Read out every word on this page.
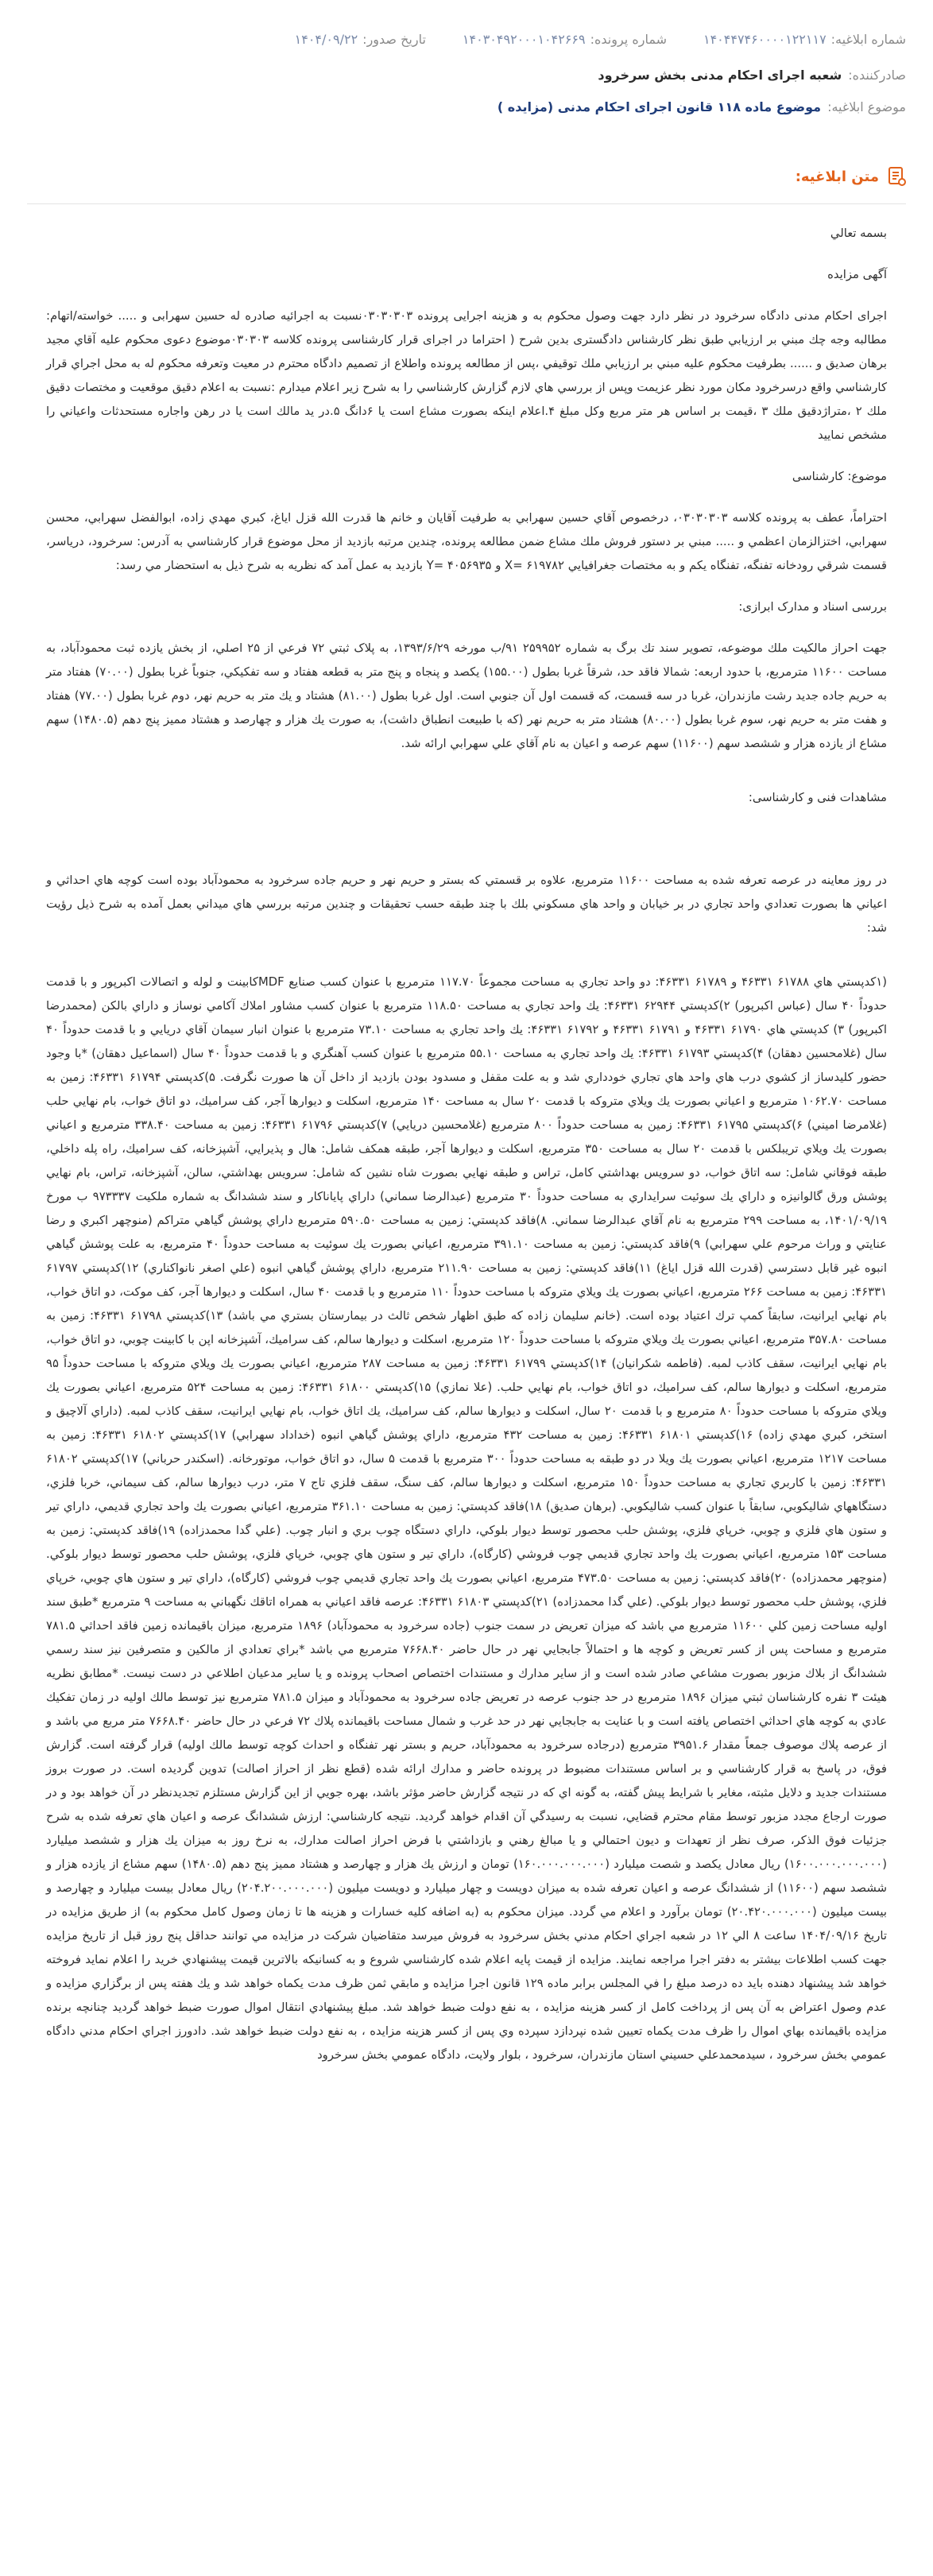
شماره ابلاغیه:
۱۴۰۴۴۷۴۶۰۰۰۰۱۲۲۱۱۷
شماره پرونده:
۱۴۰۳۰۴۹۲۰۰۰۱۰۴۲۶۶۹
تاریخ صدور:
۱۴۰۴/۰۹/۲۲
صادرکننده:
شعبه اجرای احکام مدنی بخش سرخرود
موضوع ابلاغیه:
موضوع ماده ۱۱۸ قانون اجرای احکام مدنی (مزایده )
متن ابلاغیه:

بسمه تعالي

آگهی مزایده

اجرای احکام مدنی دادگاه سرخرود در نظر دارد جهت وصول محکوم به و هزینه اجرایی پرونده ۰۳۰۳۰۳۰۳نسبت به اجرائیه صادره له حسین سهرابی و ..... خواسته/اتهام: مطالبه وجه چك مبني بر ارزيابي طبق نظر کارشناس دادگستری بدین شرح ( احتراما در اجرای قرار کارشناسی پرونده کلاسه ۰۳۰۳۰۳موضوع دعوی محکوم علیه آقاي مجيد برهان صديق و ...... بطرفيت محکوم عليه مبني بر ارزيابي ملك توقيفي ،پس از مطالعه پرونده واطلاع از تصمیم دادگاه محترم در معیت وتعرفه محکوم له به محل اجراي قرار کارشناسي واقع درسرخرود مکان مورد نظر عزيمت وپس از بررسي هاي لازم گزارش کارشناسي را به شرح زير اعلام ميدارم :نسبت به اعلام دقيق موقعيت و مختصات دقيق ملك ۲ ،متراژدقيق ملك ۳ ،قيمت بر اساس هر متر مربع وکل مبلغ ۴.اعلام اینکه بصورت مشاع است يا ۶دانگ ۵.در ید مالك است يا در رهن واجاره مستحدثات واعياني را مشخص نمایید

موضوع: کارشناسی

احتراماً، عطف به پرونده كلاسه ۰۳۰۳۰۳۰۳، درخصوص آقاي حسين سهرابي به طرفيت آقايان و خانم ها قدرت الله قزل اياغ، كبري مهدي زاده، ابوالفضل سهرابي، محسن سهرابي، اختزالزمان اعظمي و ..... مبني بر دستور فروش ملك مشاع ضمن مطالعه پرونده، چندين مرتبه بازديد از محل موضوع قرار كارشناسي به آدرس: سرخرود، درياسر، قسمت شرقي رودخانه تفنگه، تفنگاه يكم و به مختصات جغرافيايي ۶۱۹۷۸۲ =X و ۴۰۵۶۹۳۵ =Y بازديد به عمل آمد كه نظريه به شرح ذيل به استحضار مي رسد:

بررسی اسناد و مدارک ابرازی:

جهت احراز مالكيت ملك موضوعه، تصوير سند تك برگ به شماره ۲۵۹۹۵۲ ۹۱/ب مورخه ۱۳۹۳/۶/۲۹، به پلاک ثبتي ۷۲ فرعي از ۲۵ اصلي، از بخش يازده ثبت محمودآباد، به مساحت ۱۱۶۰۰ مترمربع، با حدود اربعه: شمالا فاقد حد، شرقاً غربا بطول (۱۵۵.۰۰) يكصد و پنجاه و پنج متر به قطعه هفتاد و سه تفكيكي، جنوباً غربا بطول (۷۰.۰۰) هفتاد متر به حريم جاده جديد رشت مازندران، غربا در سه قسمت، كه قسمت اول آن جنوبي است. اول غربا بطول (۸۱.۰۰) هشتاد و يك متر به حريم نهر، دوم غربا بطول (۷۷.۰۰) هفتاد و هفت متر به حريم نهر، سوم غربا بطول (۸۰.۰۰) هشتاد متر به حريم نهر (كه با طبيعت انطباق داشت)، به صورت يك هزار و چهارصد و هشتاد مميز پنج دهم (۱۴۸۰.۵) سهم مشاع از يازده هزار و ششصد سهم (۱۱۶۰۰) سهم عرصه و اعيان به نام آقاي علي سهرابي ارائه شد.

مشاهدات فنی و کارشناسی:

در روز معاينه در عرصه تعرفه شده به مساحت ۱۱۶۰۰ مترمربع، علاوه بر قسمتي كه بستر و حريم نهر و حريم جاده سرخرود به محمودآباد بوده است كوچه هاي احداثي و اعياني ها بصورت تعدادي واحد تجاري در بر خيابان و واحد هاي مسكوني بلك با چند طبقه حسب تحقيقات و چندين مرتبه بررسي هاي ميداني بعمل آمده به شرح ذيل رؤيت شد:

(۱كدپستي هاي ۶۱۷۸۸ ۴۶۳۳۱ و ۶۱۷۸۹ ۴۶۳۳۱: دو واحد تجاري به مساحت مجموعاً ۱۱۷.۷۰ مترمربع با عنوان كسب صنايع MDFكابينت و لوله و اتصالات اكبرپور و با قدمت حدوداً ۴۰ سال (عباس اكبرپور) ۲)كدپستي ۶۲۹۴۴ ۴۶۳۳۱: يك واحد تجاري به مساحت ۱۱۸.۵۰ مترمربع با عنوان كسب مشاور املاك آكامي نوساز و داراي بالكن (محمدرضا اكبرپور) ۳) كدپستي هاي ۶۱۷۹۰ ۴۶۳۳۱ و ۶۱۷۹۱ ۴۶۳۳۱ و ۶۱۷۹۲ ۴۶۳۳۱: يك واحد تجاري به مساحت ۷۳.۱۰ مترمربع با عنوان انبار سيمان آقاي دريايي و با قدمت حدوداً ۴۰ سال (غلامحسين دهقان) ۴)كدپستي ۶۱۷۹۳ ۴۶۳۳۱: يك واحد تجاري به مساحت ۵۵.۱۰ مترمربع با عنوان كسب آهنگري و با قدمت حدوداً ۴۰ سال (اسماعيل دهقان) *با وجود حضور كليدساز از كشوي درب هاي واحد هاي تجاري خودداري شد و به علت مقفل و مسدود بودن بازديد از داخل آن ها صورت نگرفت. ۵)كدپستي ۶۱۷۹۴ ۴۶۳۳۱: زمين به مساحت ۱۰۶۲.۷۰ مترمربع و اعياني بصورت يك ويلاي متروكه با قدمت ۲۰ سال به مساحت ۱۴۰ مترمربع، اسكلت و ديوارها آجر، كف سراميك، دو اتاق خواب، بام نهايي حلب (غلامرضا اميني) ۶)كدپستي ۶۱۷۹۵ ۴۶۳۳۱: زمين به مساحت حدوداً ۸۰۰ مترمربع (غلامحسين دريايي) ۷)كدپستي ۶۱۷۹۶ ۴۶۳۳۱: زمين به مساحت ۳۳۸.۴۰ مترمربع و اعياني بصورت يك ويلاي تريبلكس با قدمت ۲۰ سال به مساحت ۳۵۰ مترمربع، اسكلت و ديوارها آجر، طبقه همكف شامل: هال و پذيرايي، آشپزخانه، كف سراميك، راه پله داخلي، طبقه فوقاني شامل: سه اتاق خواب، دو سرويس بهداشتي كامل، تراس و طبقه نهايي بصورت شاه نشين كه شامل: سرويس بهداشتي، سالن، آشپزخانه، تراس، بام نهايي پوشش ورق گالوانيزه و داراي يك سوئيت سرايداري به مساحت حدوداً ۳۰ مترمربع (عبدالرضا سماني) داراي پاياناكار و سند ششدانگ به شماره ملكيت ۹۷۳۳۳۷ ب مورخ ۱۴۰۱/۰۹/۱۹، به مساحت ۲۹۹ مترمربع به نام آقاي عبدالرضا سماني. ۸)فاقد كدپستي: زمين به مساحت ۵۹۰.۵۰ مترمربع داراي پوشش گياهي متراكم (منوچهر اكبري و رضا عنايتي و وراث مرحوم علي سهرابي) ۹)فاقد كدپستي: زمين به مساحت ۳۹۱.۱۰ مترمربع، اعياني بصورت يك سوئيت به مساحت حدوداً ۴۰ مترمربع، به علت پوشش گياهي انبوه غير قابل دسترسي (قدرت الله قزل اياغ) ۱۱)فاقد كدپستي: زمين به مساحت ۲۱۱.۹۰ مترمربع، داراي پوشش گياهي انبوه (علي اصغر نانواكناري) ۱۲)كدپستي ۶۱۷۹۷ ۴۶۳۳۱: زمين به مساحت ۲۶۶ مترمربع، اعياني بصورت يك ويلاي متروكه با مساحت حدوداً ۱۱۰ مترمربع و با قدمت ۴۰ سال، اسكلت و ديوارها آجر، كف موكت، دو اتاق خواب، بام نهايي ايرانيت، سابقاً كمپ ترك اعتياد بوده است. (خانم سليمان زاده كه طبق اظهار شخص ثالث در بيمارستان بستري مي باشد) ۱۳)كدپستي ۶۱۷۹۸ ۴۶۳۳۱: زمين به مساحت ۳۵۷.۸۰ مترمربع، اعياني بصورت يك ويلاي متروكه با مساحت حدوداً ۱۲۰ مترمربع، اسكلت و ديوارها سالم، كف سراميك، آشپزخانه اپن با كابينت چوبي، دو اتاق خواب، بام نهايي ايرانيت، سقف كاذب لمبه. (فاطمه شكرانيان) ۱۴)كدپستي ۶۱۷۹۹ ۴۶۳۳۱: زمين به مساحت ۲۸۷ مترمربع، اعياني بصورت يك ويلاي متروكه با مساحت حدوداً ۹۵ مترمربع، اسكلت و ديوارها سالم، كف سراميك، دو اتاق خواب، بام نهايي حلب. (علا نمازي) ۱۵)كدپستي ۶۱۸۰۰ ۴۶۳۳۱: زمين به مساحت ۵۲۴ مترمربع، اعياني بصورت يك ويلاي متروكه با مساحت حدوداً ۸۰ مترمربع و با قدمت ۲۰ سال، اسكلت و ديوارها سالم، كف سراميك، يك اتاق خواب، بام نهايي ايرانيت، سقف كاذب لمبه. (داراي آلاچيق و استخر، كبري مهدي زاده) ۱۶)كدپستي ۶۱۸۰۱ ۴۶۳۳۱: زمين به مساحت ۴۳۲ مترمربع، داراي پوشش گياهي انبوه (خداداد سهرابي) ۱۷)كدپستي ۶۱۸۰۲ ۴۶۳۳۱: زمين به مساحت ۱۲۱۷ مترمربع، اعياني بصورت يك ويلا در دو طبقه به مساحت حدوداً ۳۰۰ مترمربع با قدمت ۵ سال، دو اتاق خواب، موتورخانه. (اسكندر حرباني) ۱۷)كدپستي ۶۱۸۰۲ ۴۶۳۳۱: زمين با كاربري تجاري به مساحت حدوداً ۱۵۰ مترمربع، اسكلت و ديوارها سالم، كف سنگ، سقف فلزي تاج ۷ متر، درب ديوارها سالم، كف سيماني، خربا فلزي، دستگاههاي شاليكوبي، سابقاً با عنوان كسب شاليكوبي. (برهان صديق) ۱۸)فاقد كدپستي: زمين به مساحت ۳۶۱.۱۰ مترمربع، اعياني بصورت يك واحد تجاري قديمي، داراي تير و ستون هاي فلزي و چوبي، خرپاي فلزي، پوشش حلب محصور توسط ديوار بلوكي، داراي دستگاه چوب بري و انبار چوب. (علي گدا محمدزاده) ۱۹)فاقد كدپستي: زمين به مساحت ۱۵۳ مترمربع، اعياني بصورت يك واحد تجاري قديمي چوب فروشي (كارگاه)، داراي تير و ستون هاي چوبي، خرپاي فلزي، پوشش حلب محصور توسط ديوار بلوكي. (منوچهر محمدزاده) ۲۰)فاقد كدپستي: زمين به مساحت ۴۷۳.۵۰ مترمربع، اعياني بصورت يك واحد تجاري قديمي چوب فروشي (كارگاه)، داراي تير و ستون هاي چوبي، خرپاي فلزي، پوشش حلب محصور توسط ديوار بلوكي. (علي گدا محمدزاده) ۲۱)كدپستي ۶۱۸۰۳ ۴۶۳۳۱: عرصه فاقد اعياني به همراه اتاقك نگهباني به مساحت ۹ مترمربع *طبق سند اوليه مساحت زمين كلي ۱۱۶۰۰ مترمربع مي باشد كه ميزان تعريض در سمت جنوب (جاده سرخرود به محمودآباد) ۱۸۹۶ مترمربع، ميزان باقيمانده زمين فاقد احداثي ۷۸۱.۵ مترمربع و مساحت پس از كسر تعريض و كوچه ها و احتمالاً جابجايي نهر در حال حاضر ۷۶۶۸.۴۰ مترمربع مي باشد *براي تعدادي از مالكين و متصرفين نيز سند رسمي ششدانگ از بلاك مزبور بصورت مشاعي صادر شده است و از ساير مدارك و مستندات اختصاص اصحاب پرونده و يا ساير مدعيان اطلاعي در دست نيست. *مطابق نظريه هيئت ۳ نفره كارشناسان ثبتي ميزان ۱۸۹۶ مترمربع در حد جنوب عرصه در تعريض جاده سرخرود به محمودآباد و ميزان ۷۸۱.۵ مترمربع نيز توسط مالك اوليه در زمان تفكيك عادي به كوچه هاي احداثي اختصاص يافته است و با عنايت به جابجايي نهر در حد غرب و شمال مساحت باقيمانده پلاك ۷۲ فرعي در حال حاضر ۷۶۶۸.۴۰ متر مربع مي باشد و از عرصه پلاك موصوف جمعاً مقدار ۳۹۵۱.۶ مترمربع (درجاده سرخرود به محمودآباد، حريم و بستر نهر تفنگاه و احداث كوچه توسط مالك اوليه) قرار گرفته است. گزارش فوق، در پاسخ به قرار كارشناسي و بر اساس مستندات مضبوط در پرونده حاضر و مدارك ارائه شده (قطع نظر از احراز اصالت) تدوين گرديده است. در صورت بروز مستندات جديد و دلايل مثبته، مغاير با شرايط پيش گفته، به گونه اي كه در نتيجه گزارش حاضر مؤثر باشد، بهره جويي از اين گزارش مستلزم تجديدنظر در آن خواهد بود و در صورت ارجاع مجدد مزبور توسط مقام محترم قضايي، نسبت به رسيدگي آن اقدام خواهد گرديد. نتيجه كارشناسي: ارزش ششدانگ عرصه و اعيان هاي تعرفه شده به شرح جزئيات فوق الذكر، صرف نظر از تعهدات و ديون احتمالي و يا مبالغ رهني و بازداشتي با فرض احراز اصالت مدارك، به نرخ روز به ميزان يك هزار و ششصد ميليارد (۱۶۰۰.۰۰۰.۰۰۰.۰۰۰) ريال معادل يكصد و شصت ميليارد (۱۶۰.۰۰۰.۰۰۰.۰۰۰) تومان و ارزش يك هزار و چهارصد و هشتاد مميز پنج دهم (۱۴۸۰.۵) سهم مشاع از يازده هزار و ششصد سهم (۱۱۶۰۰) از ششدانگ عرصه و اعيان تعرفه شده به ميزان دويست و چهار ميليارد و دويست ميليون (۲۰۴.۲۰۰.۰۰۰.۰۰۰) ريال معادل بيست ميليارد و چهارصد و بيست ميليون (۲۰.۴۲۰.۰۰۰.۰۰۰) تومان برآورد و اعلام مي گردد. ميزان محكوم به (به اضافه كليه خسارات و هزينه ها تا زمان وصول كامل محكوم به) از طريق مزايده در تاريخ ۱۴۰۴/۰۹/۱۶ ساعت ۸ الي ۱۲ در شعبه اجراي احكام مدني بخش سرخرود به فروش ميرسد متقاضيان شركت در مزايده مي توانند حداقل پنج روز قبل از تاريخ مزايده جهت كسب اطلاعات بيشتر به دفتر اجرا مراجعه نمايند. مزايده از قيمت پايه اعلام شده كارشناسي شروع و به كسانيكه بالاترين قيمت پيشنهادي خريد را اعلام نمايد فروخته خواهد شد پيشنهاد دهنده بايد ده درصد مبلغ را في المجلس برابر ماده ۱۲۹ قانون اجرا مزايده و مابقي ثمن ظرف مدت يكماه خواهد شد و يك هفته پس از برگزاري مزايده و عدم وصول اعتراض به آن پس از پرداخت كامل از كسر هزينه مزايده ، به نفع دولت ضبط خواهد شد. مبلغ پيشنهادي انتقال اموال صورت ضبط خواهد گرديد چنانچه برنده مزايده باقيمانده بهاي اموال را ظرف مدت يكماه تعيين شده نپردازد سپرده وي پس از كسر هزينه مزايده ، به نفع دولت ضبط خواهد شد. دادورز اجراي احكام مدني دادگاه عمومي بخش سرخرود ، سيدمحمدعلي حسيني استان مازندران، سرخرود ، بلوار ولايت، دادگاه عمومي بخش سرخرود
